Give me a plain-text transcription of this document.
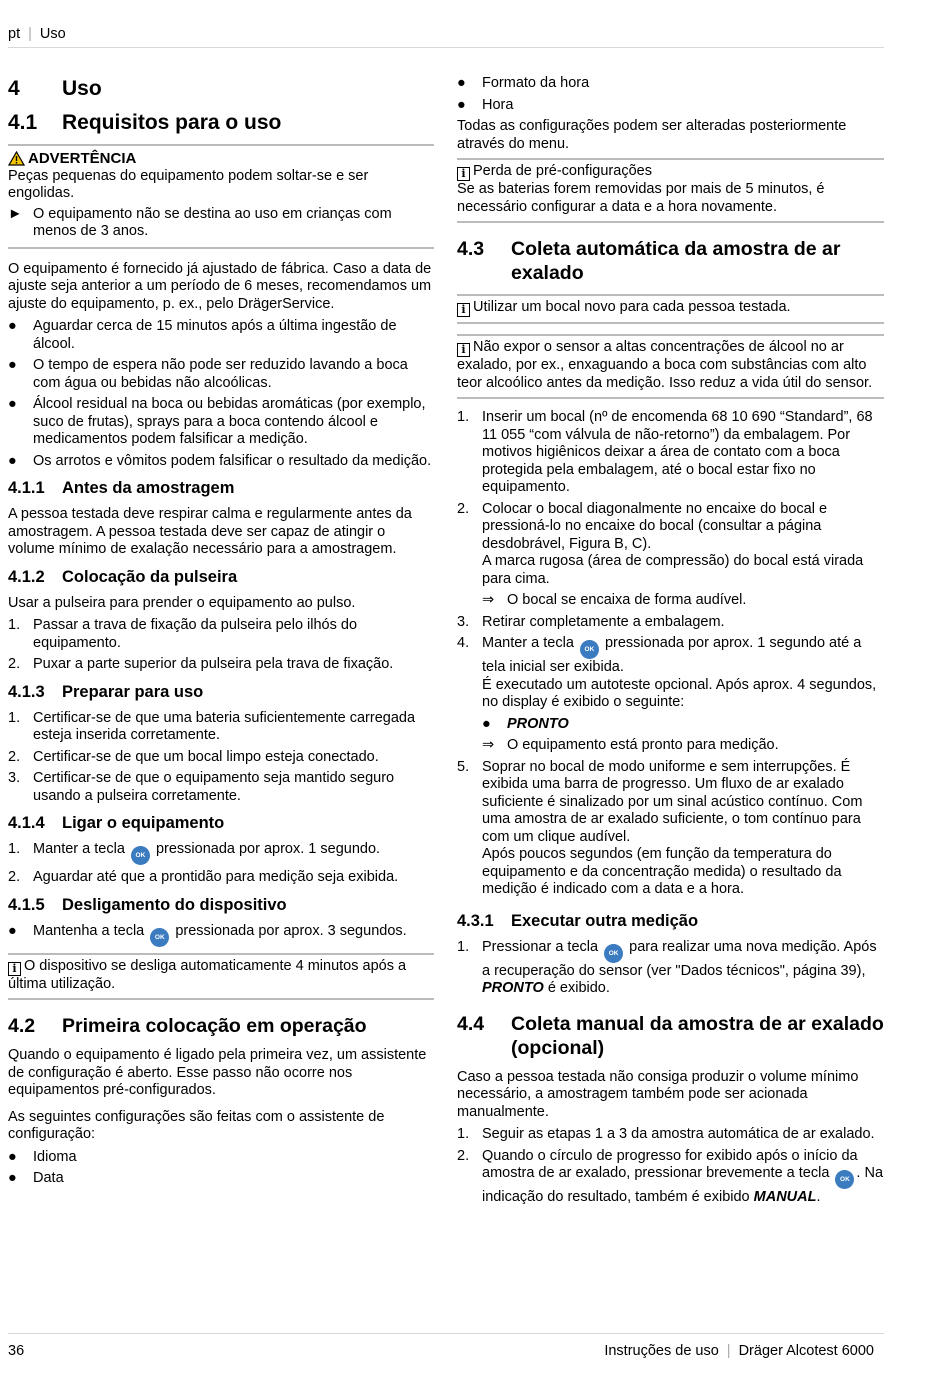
pt | Uso
4	Uso
4.1	Requisitos para o uso
ADVERTÊNCIA

Peças pequenas do equipamento podem soltar-se e ser engolidas.

► O equipamento não se destina ao uso em crianças com menos de 3 anos.

O equipamento é fornecido já ajustado de fábrica. Caso a data de ajuste seja anterior a um período de 6 meses, recomendamos um ajuste do equipamento, p. ex., pelo DrägerService.

●	Aguardar cerca de 15 minutos após a última ingestão de álcool.
●	O tempo de espera não pode ser reduzido lavando a boca com água ou bebidas não alcoólicas.
●	Álcool residual na boca ou bebidas aromáticas (por exemplo, suco de frutas), sprays para a boca contendo álcool e medicamentos podem falsificar a medição.
●	Os arrotos e vômitos podem falsificar o resultado da medição.
4.1.1	Antes da amostragem

A pessoa testada deve respirar calma e regularmente antes da amostragem. A pessoa testada deve ser capaz de atingir o volume mínimo de exalação necessário para a amostragem.

4.1.2	Colocação da pulseira

Usar a pulseira para prender o equipamento ao pulso.

1. Passar a trava de fixação da pulseira pelo ilhós do equipamento.
2. Puxar a parte superior da pulseira pela trava de fixação.
4.1.3	Preparar para uso
1. Certificar-se de que uma bateria suficientemente carregada esteja inserida corretamente.
2. Certificar-se de que um bocal limpo esteja conectado.
3. Certificar-se de que o equipamento seja mantido seguro usando a pulseira corretamente.
4.1.4	Ligar o equipamento
1. Manter a tecla OK pressionada por aprox. 1 segundo.
2. Aguardar até que a prontidão para medição seja exibida.
4.1.5	Desligamento do dispositivo
●	Mantenha a tecla OK pressionada por aprox. 3 segundos.
i O dispositivo se desliga automaticamente 4 minutos após a última utilização.
4.2	Primeira colocação em operação

Quando o equipamento é ligado pela primeira vez, um assistente de configuração é aberto. Esse passo não ocorre nos equipamentos pré-configurados.

As seguintes configurações são feitas com o assistente de configuração:

●	Idioma
●	Data
●	Formato da hora
●	Hora

Todas as configurações podem ser alteradas posteriormente através do menu.

i Perda de pré-configurações
Se as baterias forem removidas por mais de 5 minutos, é necessário configurar a data e a hora novamente.
4.3	Coleta automática da amostra de ar exalado
i Utilizar um bocal novo para cada pessoa testada.
i Não expor o sensor a altas concentrações de álcool no ar exalado, por ex., enxaguando a boca com substâncias com alto teor alcoólico antes da medição. Isso reduz a vida útil do sensor.
1. Inserir um bocal (nº de encomenda 68 10 690 “Standard”, 68 11 055 “com válvula de não-retorno”) da embalagem. Por motivos higiênicos deixar a área de contato com a boca protegida pela embalagem, até o bocal estar fixo no equipamento.
2. Colocar o bocal diagonalmente no encaixe do bocal e pressioná-lo no encaixe do bocal (consultar a página desdobrável, Figura B, C).
A marca rugosa (área de compressão) do bocal está virada para cima.
⇒ O bocal se encaixa de forma audível.
3. Retirar completamente a embalagem.
4. Manter a tecla OK pressionada por aprox. 1 segundo até a tela inicial ser exibida.
É executado um autoteste opcional. Após aprox. 4 segundos, no display é exibido o seguinte:
●	PRONTO
⇒ O equipamento está pronto para medição.
5. Soprar no bocal de modo uniforme e sem interrupções. É exibida uma barra de progresso. Um fluxo de ar exalado suficiente é sinalizado por um sinal acústico contínuo. Com uma amostra de ar exalado suficiente, o tom contínuo para com um clique audível.
Após poucos segundos (em função da temperatura do equipamento e da concentração medida) o resultado da medição é indicado com a data e a hora.
4.3.1	Executar outra medição
1. Pressionar a tecla OK para realizar uma nova medição. Após a recuperação do sensor (ver "Dados técnicos", página 39), PRONTO é exibido.
4.4	Coleta manual da amostra de ar exalado (opcional)

Caso a pessoa testada não consiga produzir o volume mínimo necessário, a amostragem também pode ser acionada manualmente.

1. Seguir as etapas 1 a 3 da amostra automática de ar exalado.
2. Quando o círculo de progresso for exibido após o início da amostra de ar exalado, pressionar brevemente a tecla OK . Na indicação do resultado, também é exibido MANUAL.
36	Instruções de uso | Dräger Alcotest 6000
